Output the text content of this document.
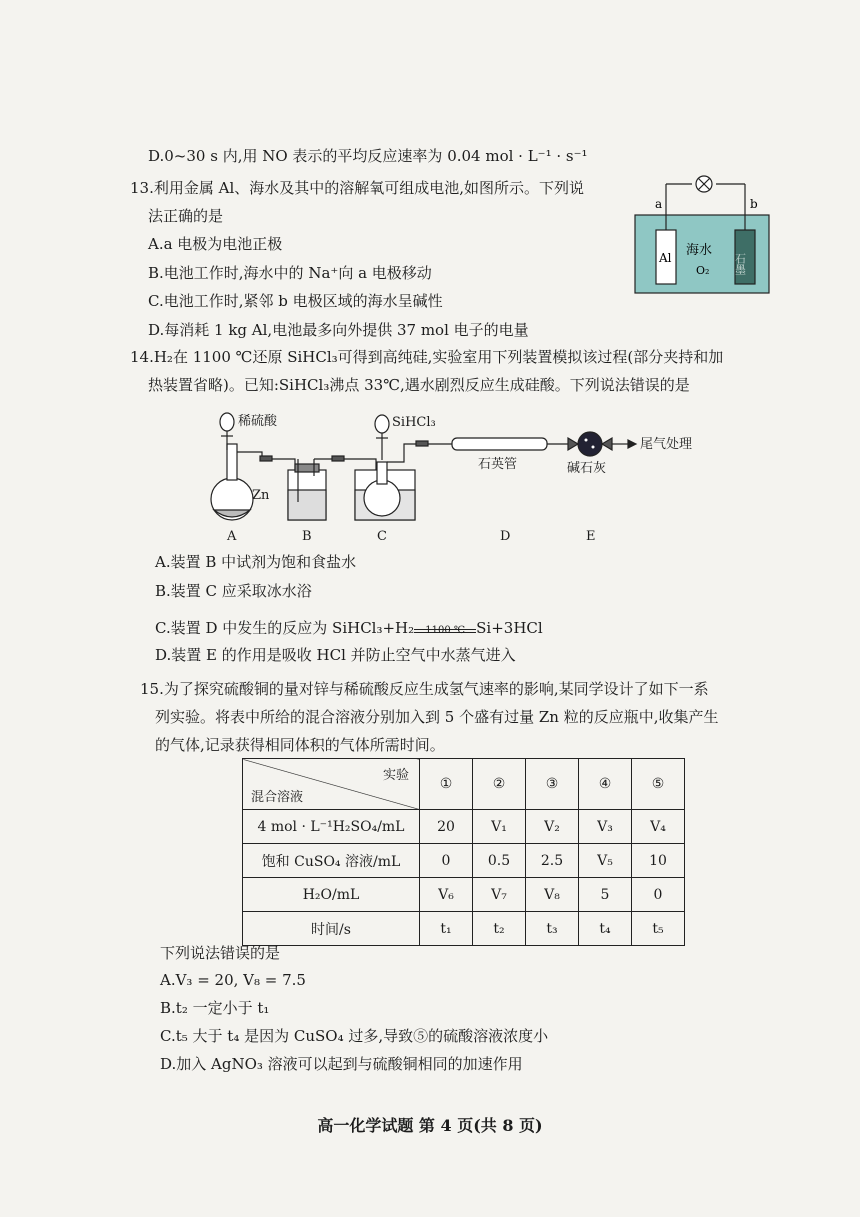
D.0~30 s 内,用 NO 表示的平均反应速率为 0.04 mol · L⁻¹ · s⁻¹
13.利用金属 Al、海水及其中的溶解氧可组成电池,如图所示。下列说
法正确的是
A.a 电极为电池正极
B.电池工作时,海水中的 Na⁺向 a 电极移动
C.电池工作时,紧邻 b 电极区域的海水呈碱性
D.每消耗 1 kg Al,电池最多向外提供 37 mol 电子的电量
a	b
Al	石墨
海水
O₂
14.H₂在 1100 ℃还原 SiHCl₃可得到高纯硅,实验室用下列装置模拟该过程(部分夹持和加
热装置省略)。已知:SiHCl₃沸点 33℃,遇水剧烈反应生成硅酸。下列说法错误的是
稀硫酸	SiHCl₃
Zn
石英管	碱石灰
尾气处理
A	B	C	D	E
A.装置 B 中试剂为饱和食盐水
B.装置 C 应采取冰水浴
C.装置 D 中发生的反应为 SiHCl₃+H₂	1100 ℃ Si+3HCl
D.装置 E 的作用是吸收 HCl 并防止空气中水蒸气进入
15.为了探究硫酸铜的量对锌与稀硫酸反应生成氢气速率的影响,某同学设计了如下一系
列实验。将表中所给的混合溶液分别加入到 5 个盛有过量 Zn 粒的反应瓶中,收集产生
的气体,记录获得相同体积的气体所需时间。
实验
混合溶液	①	②	③	④	⑤
4 mol · L⁻¹H₂SO₄/mL	20	V₁	V₂	V₃	V₄
饱和 CuSO₄ 溶液/mL	0	0.5	2.5	V₅	10
H₂O/mL	V₆	V₇	V₈	5	0
时间/s	t₁	t₂	t₃	t₄	t₅
下列说法错误的是
A.V₃ = 20, V₈ = 7.5
B.t₂ 一定小于 t₁
C.t₅ 大于 t₄ 是因为 CuSO₄ 过多,导致⑤的硫酸溶液浓度小
D.加入 AgNO₃ 溶液可以起到与硫酸铜相同的加速作用
高一化学试题 第 4 页(共 8 页)
